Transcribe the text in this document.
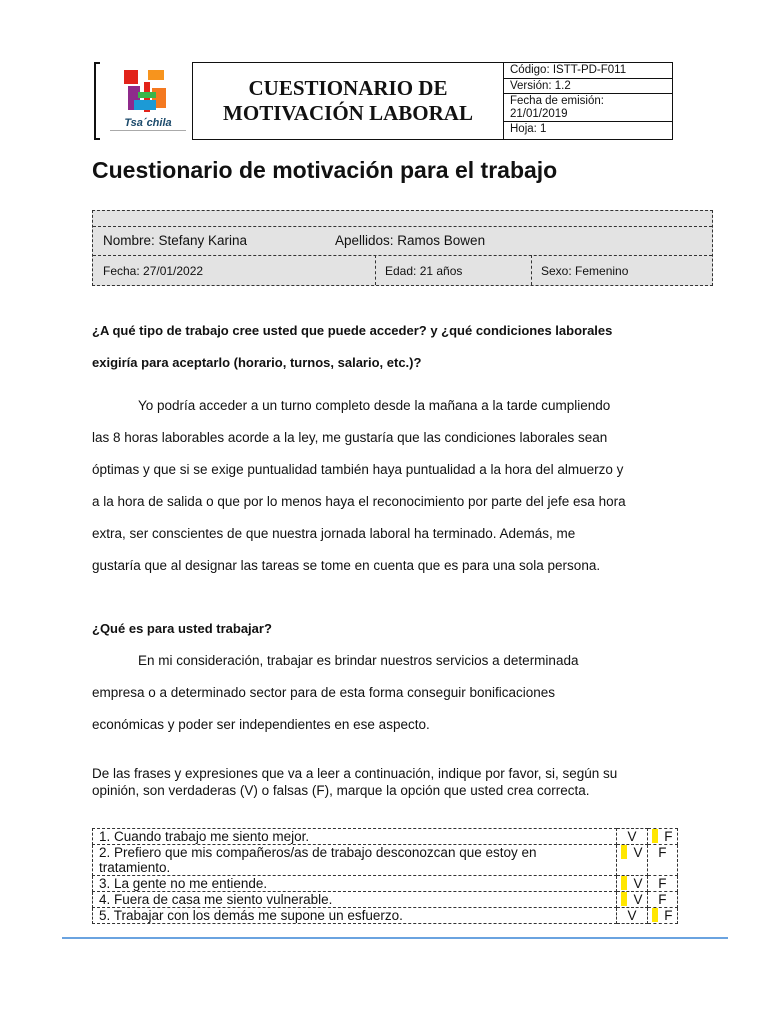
Tsa´chila
CUESTIONARIO DE
MOTIVACIÓN LABORAL
Código: ISTT-PD-F011
Versión: 1.2
Fecha de emisión:
21/01/2019
Hoja: 1
Cuestionario de motivación para el trabajo
Nombre: Stefany Karina	Apellidos: Ramos Bowen
Fecha: 27/01/2022	Edad: 21 años	Sexo: Femenino
¿A qué tipo de trabajo cree usted que puede acceder? y ¿qué condiciones laborales
exigiría para aceptarlo (horario, turnos, salario, etc.)?
Yo podría acceder a un turno completo desde la mañana a la tarde cumpliendo
las 8 horas laborables acorde a la ley, me gustaría que las condiciones laborales sean
óptimas y que si se exige puntualidad también haya puntualidad a la hora del almuerzo y
a la hora de salida o que por lo menos haya el reconocimiento por parte del jefe esa hora
extra, ser conscientes de que nuestra jornada laboral ha terminado. Además, me
gustaría que al designar las tareas se tome en cuenta que es para una sola persona.
¿Qué es para usted trabajar?
En mi consideración, trabajar es brindar nuestros servicios a determinada
empresa o a determinado sector para de esta forma conseguir bonificaciones
económicas y poder ser independientes en ese aspecto.
De las frases y expresiones que va a leer a continuación, indique por favor, si, según su
opinión, son verdaderas (V) o falsas (F), marque la opción que usted crea correcta.
1. Cuando trabajo me siento mejor.	V	F
2. Prefiero que mis compañeros/as de trabajo desconozcan que estoy en tratamiento.	V	F
3. La gente no me entiende.	V	F
4. Fuera de casa me siento vulnerable.	V	F
5. Trabajar con los demás me supone un esfuerzo.	V	F
